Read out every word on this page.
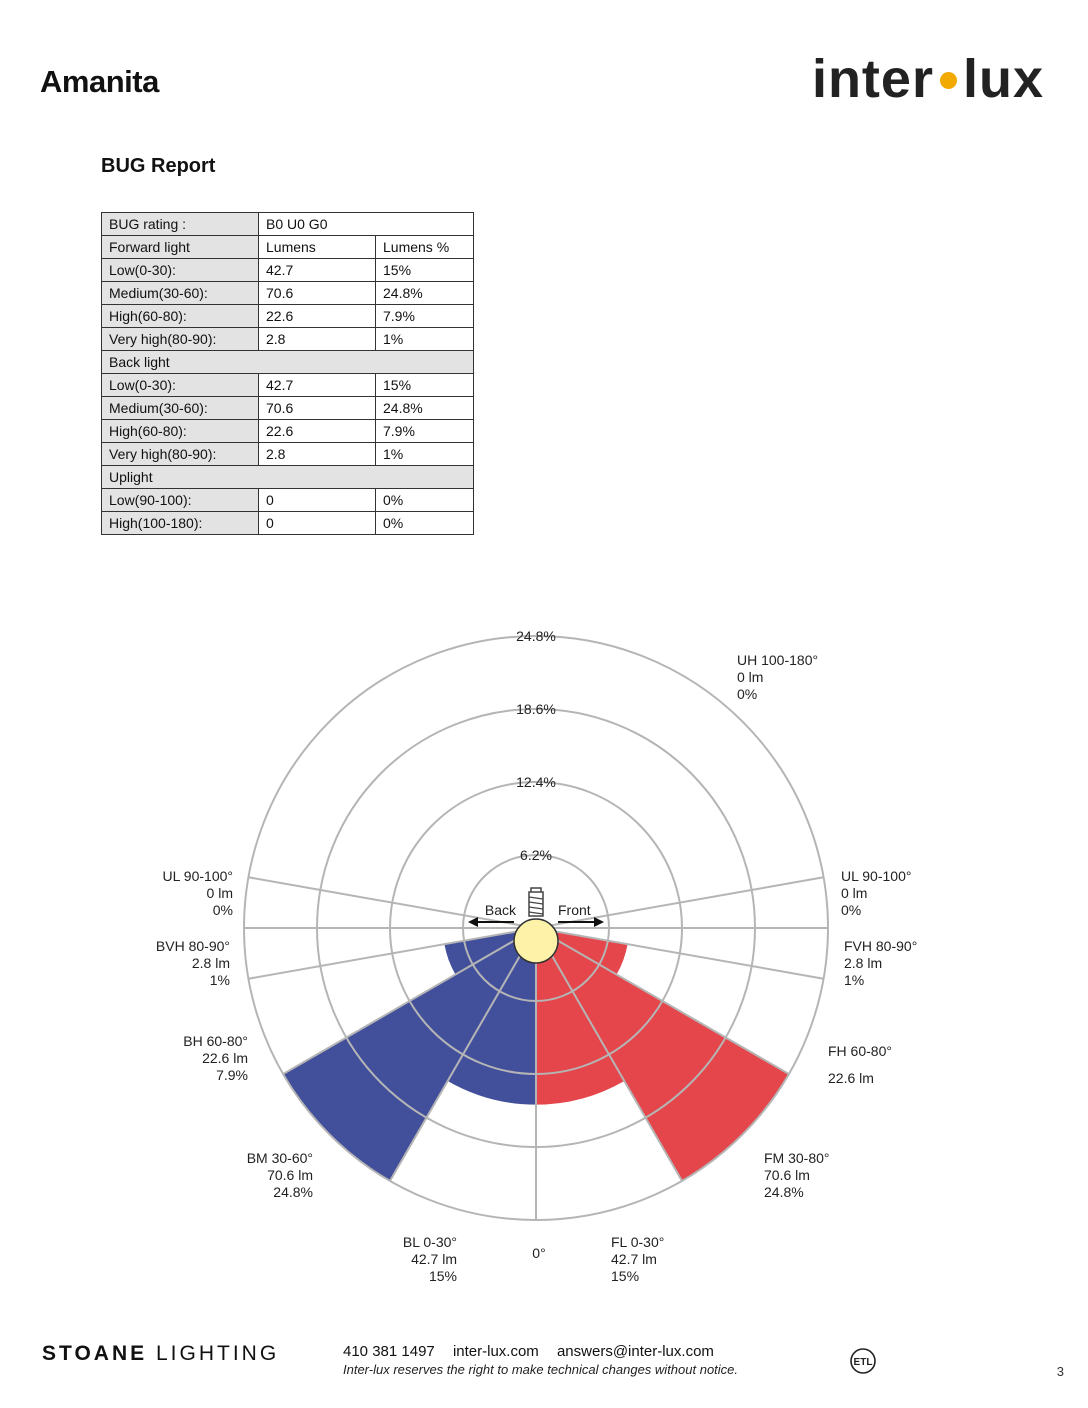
Amanita	inter lux
BUG Report
BUG rating :	B0 U0 G0	
Forward light	Lumens	Lumens %
Low(0-30):	42.7	15%
Medium(30-60):	70.6	24.8%
High(60-80):	22.6	7.9%
Very high(80-90):	2.8	1%
Back light		
Low(0-30):	42.7	15%
Medium(30-60):	70.6	24.8%
High(60-80):	22.6	7.9%
Very high(80-90):	2.8	1%
Uplight		
Low(90-100):	0	0%
High(100-180):	0	0%
6.2%
12.4%
18.6%
24.8%
0°
Back	Front
UH 100-180°
0 lm
0%
UL 90-100°
0 lm
0%
UL 90-100°
0 lm
0%
FVH 80-90°
2.8 lm
1%
BVH 80-90°
2.8 lm
1%
FH 60-80°
22.6 lm
BH 60-80°
22.6 lm
7.9%
FM 30-80°
70.6 lm
24.8%
BM 30-60°
70.6 lm
24.8%
FL 0-30°
42.7 lm
15%
BL 0-30°
42.7 lm
15%
STOANE LIGHTING	410 381 1497 inter-lux.com answers@inter-lux.com
Inter-lux reserves the right to make technical changes without notice.	ETL
3
